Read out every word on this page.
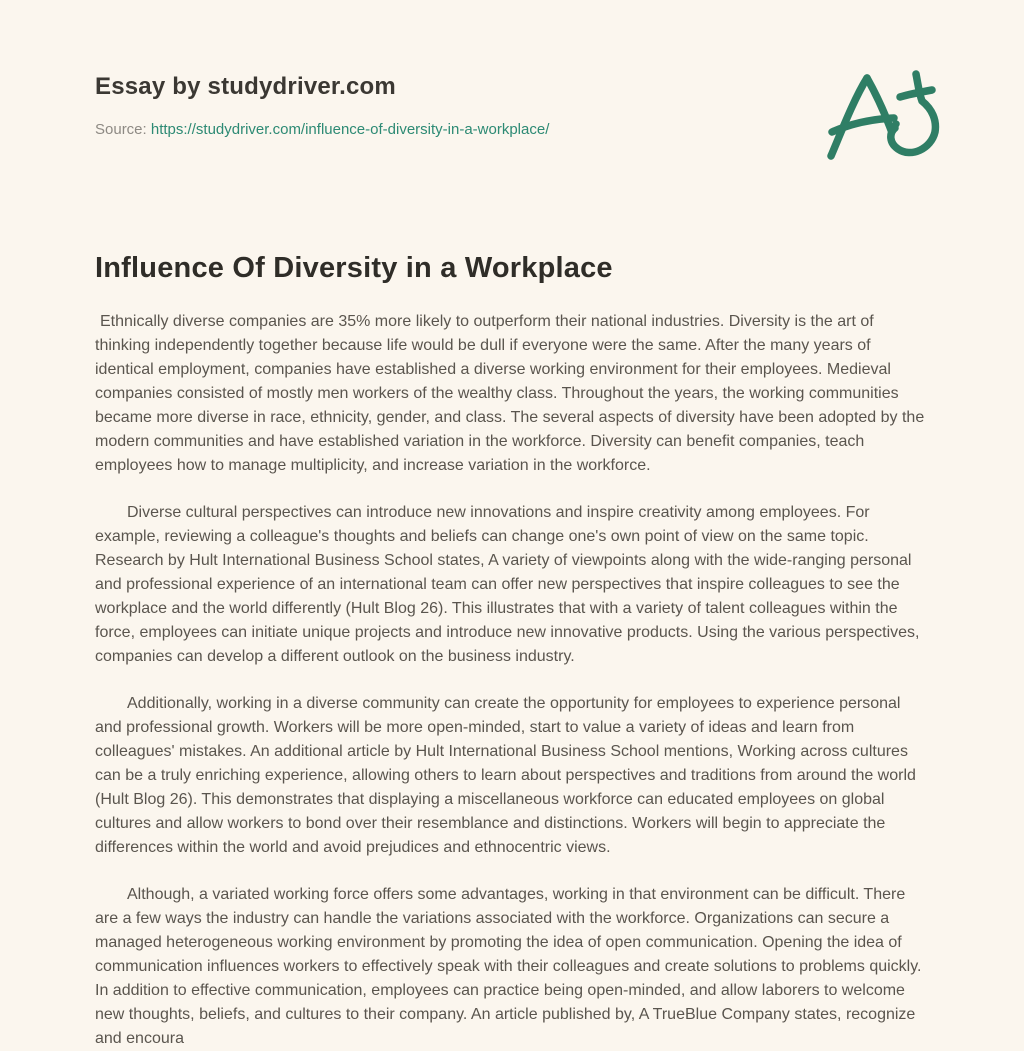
Essay by studydriver.com
Source: https://studydriver.com/influence-of-diversity-in-a-workplace/
Influence Of Diversity in a Workplace

Ethnically diverse companies are 35% more likely to outperform their national industries. Diversity is the art of thinking independently together because life would be dull if everyone were the same. After the many years of identical employment, companies have established a diverse working environment for their employees. Medieval companies consisted of mostly men workers of the wealthy class. Throughout the years, the working communities became more diverse in race, ethnicity, gender, and class. The several aspects of diversity have been adopted by the modern communities and have established variation in the workforce. Diversity can benefit companies, teach employees how to manage multiplicity, and increase variation in the workforce.

Diverse cultural perspectives can introduce new innovations and inspire creativity among employees. For example, reviewing a colleague's thoughts and beliefs can change one's own point of view on the same topic. Research by Hult International Business School states, A variety of viewpoints along with the wide-ranging personal and professional experience of an international team can offer new perspectives that inspire colleagues to see the workplace and the world differently (Hult Blog 26). This illustrates that with a variety of talent colleagues within the force, employees can initiate unique projects and introduce new innovative products. Using the various perspectives, companies can develop a different outlook on the business industry.

Additionally, working in a diverse community can create the opportunity for employees to experience personal and professional growth. Workers will be more open-minded, start to value a variety of ideas and learn from colleagues' mistakes. An additional article by Hult International Business School mentions, Working across cultures can be a truly enriching experience, allowing others to learn about perspectives and traditions from around the world (Hult Blog 26). This demonstrates that displaying a miscellaneous workforce can educated employees on global cultures and allow workers to bond over their resemblance and distinctions. Workers will begin to appreciate the differences within the world and avoid prejudices and ethnocentric views.

Although, a variated working force offers some advantages, working in that environment can be difficult. There are a few ways the industry can handle the variations associated with the workforce. Organizations can secure a managed heterogeneous working environment by promoting the idea of open communication. Opening the idea of communication influences workers to effectively speak with their colleagues and create solutions to problems quickly. In addition to effective communication, employees can practice being open-minded, and allow laborers to welcome new thoughts, beliefs, and cultures to their company. An article published by, A TrueBlue Company states, recognize and encoura
